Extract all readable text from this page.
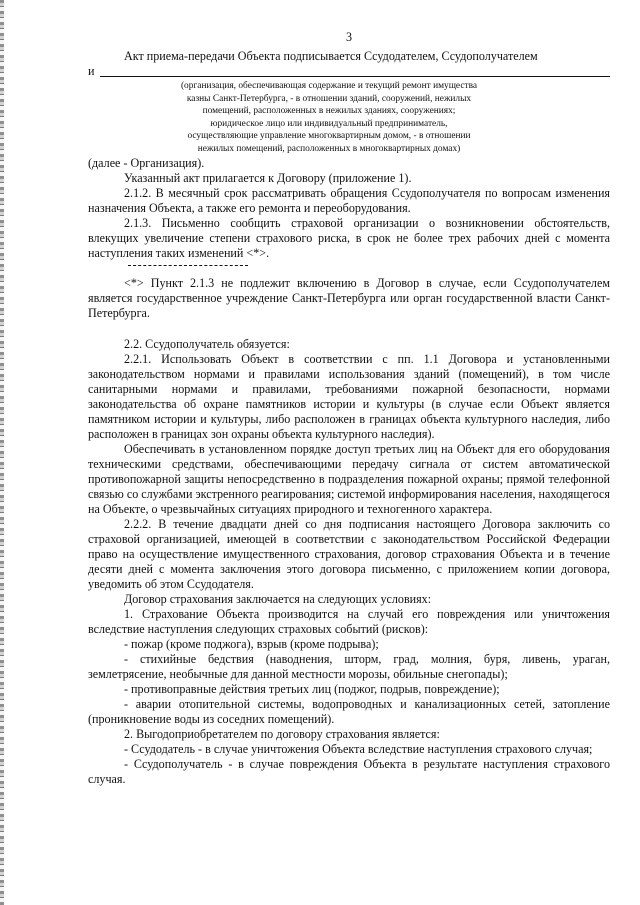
3

Акт приема-передачи Объекта подписывается Ссудодателем, Ссудополучателем

и
(организация, обеспечивающая содержание и текущий ремонт имущества
казны Санкт-Петербурга, - в отношении зданий, сооружений, нежилых
помещений, расположенных в нежилых зданиях, сооружениях;
юридическое лицо или индивидуальный предприниматель,
осуществляющие управление многоквартирным домом, - в отношении
нежилых помещений, расположенных в многоквартирных домах)

(далее - Организация).

Указанный акт прилагается к Договору (приложение 1).

2.1.2. В месячный срок рассматривать обращения Ссудополучателя по вопросам изменения назначения Объекта, а также его ремонта и переоборудования.

2.1.3. Письменно сообщить страховой организации о возникновении обстоятельств, влекущих увеличение степени страхового риска, в срок не более трех рабочих дней с момента наступления таких изменений <*>.

<*> Пункт 2.1.3 не подлежит включению в Договор в случае, если Ссудополучателем является государственное учреждение Санкт-Петербурга или орган государственной власти Санкт-Петербурга.

2.2. Ссудополучатель обязуется:

2.2.1. Использовать Объект в соответствии с пп. 1.1 Договора и установленными законодательством нормами и правилами использования зданий (помещений), в том числе санитарными нормами и правилами, требованиями пожарной безопасности, нормами законодательства об охране памятников истории и культуры (в случае если Объект является памятником истории и культуры, либо расположен в границах объекта культурного наследия, либо расположен в границах зон охраны объекта культурного наследия).

Обеспечивать в установленном порядке доступ третьих лиц на Объект для его оборудования техническими средствами, обеспечивающими передачу сигнала от систем автоматической противопожарной защиты непосредственно в подразделения пожарной охраны; прямой телефонной связью со службами экстренного реагирования; системой информирования населения, находящегося на Объекте, о чрезвычайных ситуациях природного и техногенного характера.

2.2.2. В течение двадцати дней со дня подписания настоящего Договора заключить со страховой организацией, имеющей в соответствии с законодательством Российской Федерации право на осуществление имущественного страхования, договор страхования Объекта и в течение десяти дней с момента заключения этого договора письменно, с приложением копии договора, уведомить об этом Ссудодателя.

Договор страхования заключается на следующих условиях:

1. Страхование Объекта производится на случай его повреждения или уничтожения вследствие наступления следующих страховых событий (рисков):

- пожар (кроме поджога), взрыв (кроме подрыва);

- стихийные бедствия (наводнения, шторм, град, молния, буря, ливень, ураган, землетрясение, необычные для данной местности морозы, обильные снегопады);

- противоправные действия третьих лиц (поджог, подрыв, повреждение);

- аварии отопительной системы, водопроводных и канализационных сетей, затопление (проникновение воды из соседних помещений).

2. Выгодоприобретателем по договору страхования является:

- Ссудодатель - в случае уничтожения Объекта вследствие наступления страхового случая;

- Ссудополучатель - в случае повреждения Объекта в результате наступления страхового случая.
